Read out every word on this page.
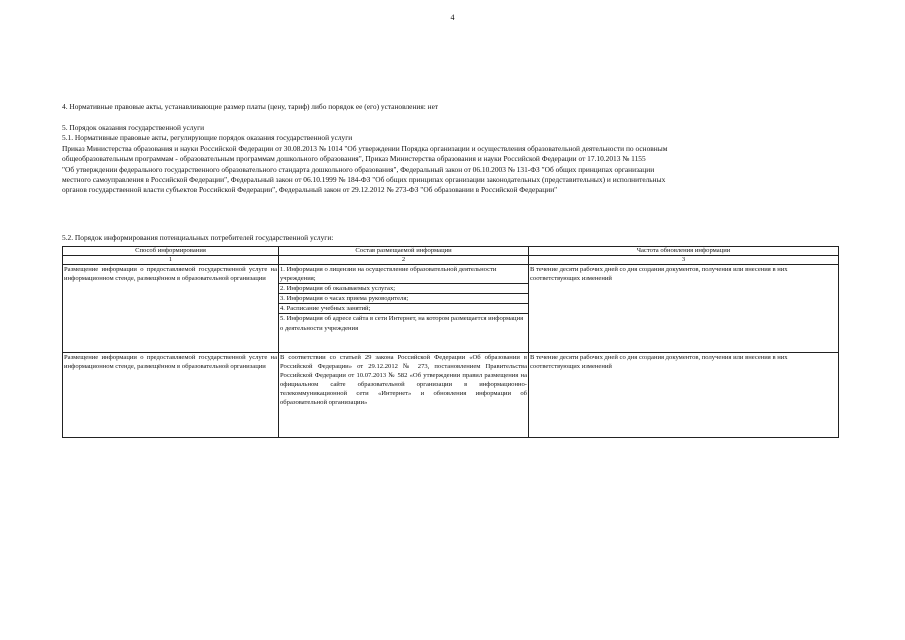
4
4. Нормативные правовые акты, устанавливающие размер платы (цену, тариф) либо порядок ее (его) установления: нет
5. Порядок оказания государственной услуги
5.1. Нормативные правовые акты, регулирующие порядок оказания государственной услуги
Приказ Министерства образования и науки Российской Федерации от 30.08.2013 № 1014 "Об утверждении Порядка организации и осуществления образовательной деятельности по основным
общеобразовательным программам - образовательным программам дошкольного образования", Приказ Министерства образования и науки Российской Федерации от 17.10.2013 № 1155
"Об утверждении федерального государственного образовательного стандарта дошкольного образования", Федеральный закон от 06.10.2003 № 131-ФЗ "Об общих принципах организации
местного самоуправления в Российской Федерации", Федеральный закон от 06.10.1999 № 184-ФЗ "Об общих принципах организации законодательных (представительных) и исполнительных
органов государственной власти субъектов Российской Федерации", Федеральный закон от 29.12.2012 № 273-ФЗ "Об образовании в Российской Федерации"
5.2. Порядок информирования потенциальных потребителей государственной услуги:
Способ информирования	Состав размещаемой информации	Частота обновления информации
1	2	3
Размещение информации о предоставляемой государственной услуге на информационном стенде, размещённом в образовательной организации	1. Информация о лицензии на осуществление образовательной деятельности учреждения;
2. Информация об оказываемых услугах;
3. Информация о часах приема руководителя;
4. Расписание учебных занятий;
5. Информация об адресе сайта в сети Интернет, на котором размещается информация о деятельности учреждения	В течение десяти рабочих дней со дня создания документов, получения или внесения в них соответствующих изменений
Размещение информации о предоставляемой государственной услуге на информационном стенде, размещённом в образовательной организации	В соответствии со статьей 29 закона Российской Федерации «Об образовании в Российской Федерации» от 29.12.2012 № 273, постановлением Правительства Российской Федерации от 10.07.2013 № 582 «Об утверждении правил размещения на официальном сайте образовательной организации в информационно-телекоммуникационной сети «Интернет» и обновления информации об образовательной организации»	В течение десяти рабочих дней со дня создания документов, получения или внесения в них соответствующих изменений
